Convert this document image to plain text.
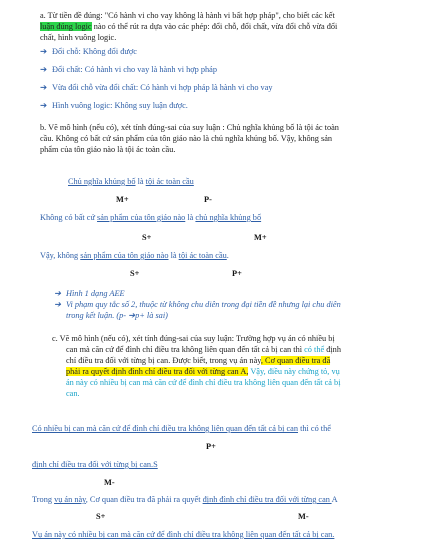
a. Từ tiền đề đúng: "Có hành vi cho vay không là hành vi bất hợp pháp", cho biết các kết
luận đúng logic nào có thể rút ra dựa vào các phép: đổi chỗ, đổi chất, vừa đổi chỗ vừa đổi
chất, hình vuông logic.
➔ Đổi chỗ: Không đổi được
➔ Đổi chất: Có hành vi cho vay là hành vi hợp pháp
➔ Vừa đổi chỗ vừa đổi chất: Có hành vi hợp pháp là hành vi cho vay
➔ Hình vuông logic: Không suy luận được.
b. Vẽ mô hình (nếu có), xét tính đúng-sai của suy luận : Chủ nghĩa khủng bố là tội ác toàn
cầu. Không có bất cứ sản phẩm của tôn giáo nào là chủ nghĩa khủng bố. Vậy, không sản
phẩm của tôn giáo nào là tội ác toàn cầu.
Chủ nghĩa khủng bố là tội ác toàn cầu
M+	P-
Không có bất cứ sản phẩm của tôn giáo nào là chủ nghĩa khủng bố
S+	M+
Vậy, không sản phẩm của tôn giáo nào là tội ác toàn cầu.
S+	P+
➔ Hình 1 dạng AEE
➔ Vi phạm quy tắc số 2, thuộc từ không chu diên trong đại tiền đề nhưng lại chu diên
trong kết luận. (p- ➔p+ là sai)
c. Vẽ mô hình (nếu có), xét tính đúng-sai của suy luận: Trường hợp vụ án có nhiều bị
can mà căn cứ để đình chỉ điều tra không liên quan đến tất cả bị can thì có thể định
chỉ điều tra đối với từng bị can. Được biết, trong vụ án này, Cơ quan điều tra đã
phải ra quyết định đình chỉ điều tra đối với từng can A, Vậy, điều này chứng tỏ, vụ
án này có nhiều bị can mà căn cứ để đình chỉ điều tra không liên quan đến tất cả bị
can.
Có nhiều bị can mà căn cứ để đình chỉ điều tra không liên quan đến tất cả bị can thì có thể
P+
định chỉ điều tra đối với từng bị can.S
M-
Trong vụ án này, Cơ quan điều tra đã phải ra quyết định đình chỉ điều tra đối với từng can A
S+	M-
Vụ án này có nhiều bị can mà căn cứ để đình chỉ điều tra không liên quan đến tất cả bị can.
